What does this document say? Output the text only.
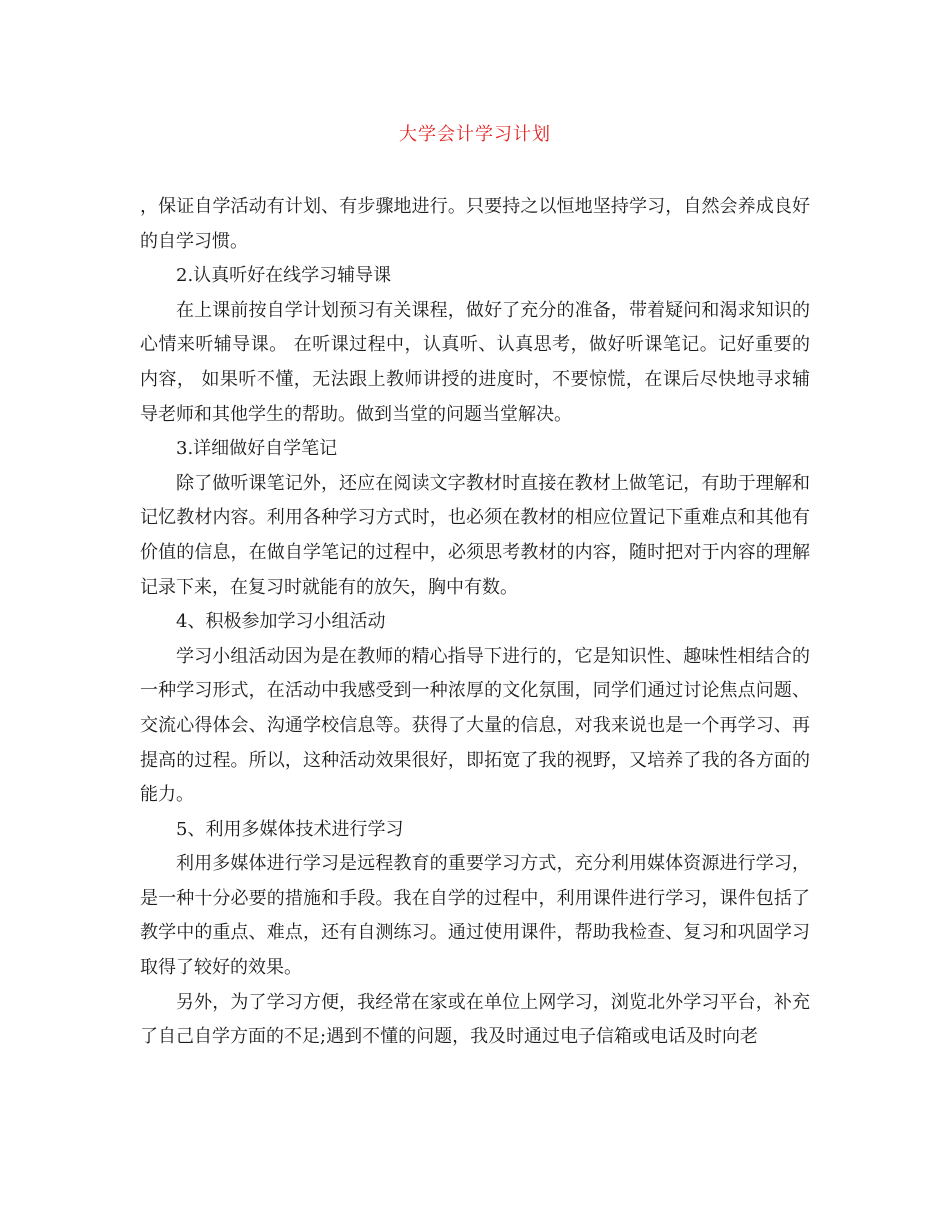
大学会计学习计划

，保证自学活动有计划、有步骤地进行。只要持之以恒地坚持学习，自然会养成良好的自学习惯。

2.认真听好在线学习辅导课

在上课前按自学计划预习有关课程，做好了充分的准备，带着疑问和渴求知识的心情来听辅导课。 在听课过程中，认真听、认真思考，做好听课笔记。记好重要的内容， 如果听不懂，无法跟上教师讲授的进度时，不要惊慌，在课后尽快地寻求辅导老师和其他学生的帮助。做到当堂的问题当堂解决。

3.详细做好自学笔记

除了做听课笔记外，还应在阅读文字教材时直接在教材上做笔记，有助于理解和记忆教材内容。利用各种学习方式时，也必须在教材的相应位置记下重难点和其他有价值的信息，在做自学笔记的过程中，必须思考教材的内容，随时把对于内容的理解记录下来，在复习时就能有的放矢，胸中有数。

4、积极参加学习小组活动

学习小组活动因为是在教师的精心指导下进行的，它是知识性、趣味性相结合的一种学习形式，在活动中我感受到一种浓厚的文化氛围，同学们通过讨论焦点问题、交流心得体会、沟通学校信息等。获得了大量的信息，对我来说也是一个再学习、再提高的过程。所以，这种活动效果很好，即拓宽了我的视野，又培养了我的各方面的能力。

5、利用多媒体技术进行学习

利用多媒体进行学习是远程教育的重要学习方式，充分利用媒体资源进行学习，是一种十分必要的措施和手段。我在自学的过程中，利用课件进行学习，课件包括了教学中的重点、难点，还有自测练习。通过使用课件，帮助我检查、复习和巩固学习取得了较好的效果。

另外，为了学习方便，我经常在家或在单位上网学习，浏览北外学习平台，补充了自己自学方面的不足;遇到不懂的问题，我及时通过电子信箱或电话及时向老
